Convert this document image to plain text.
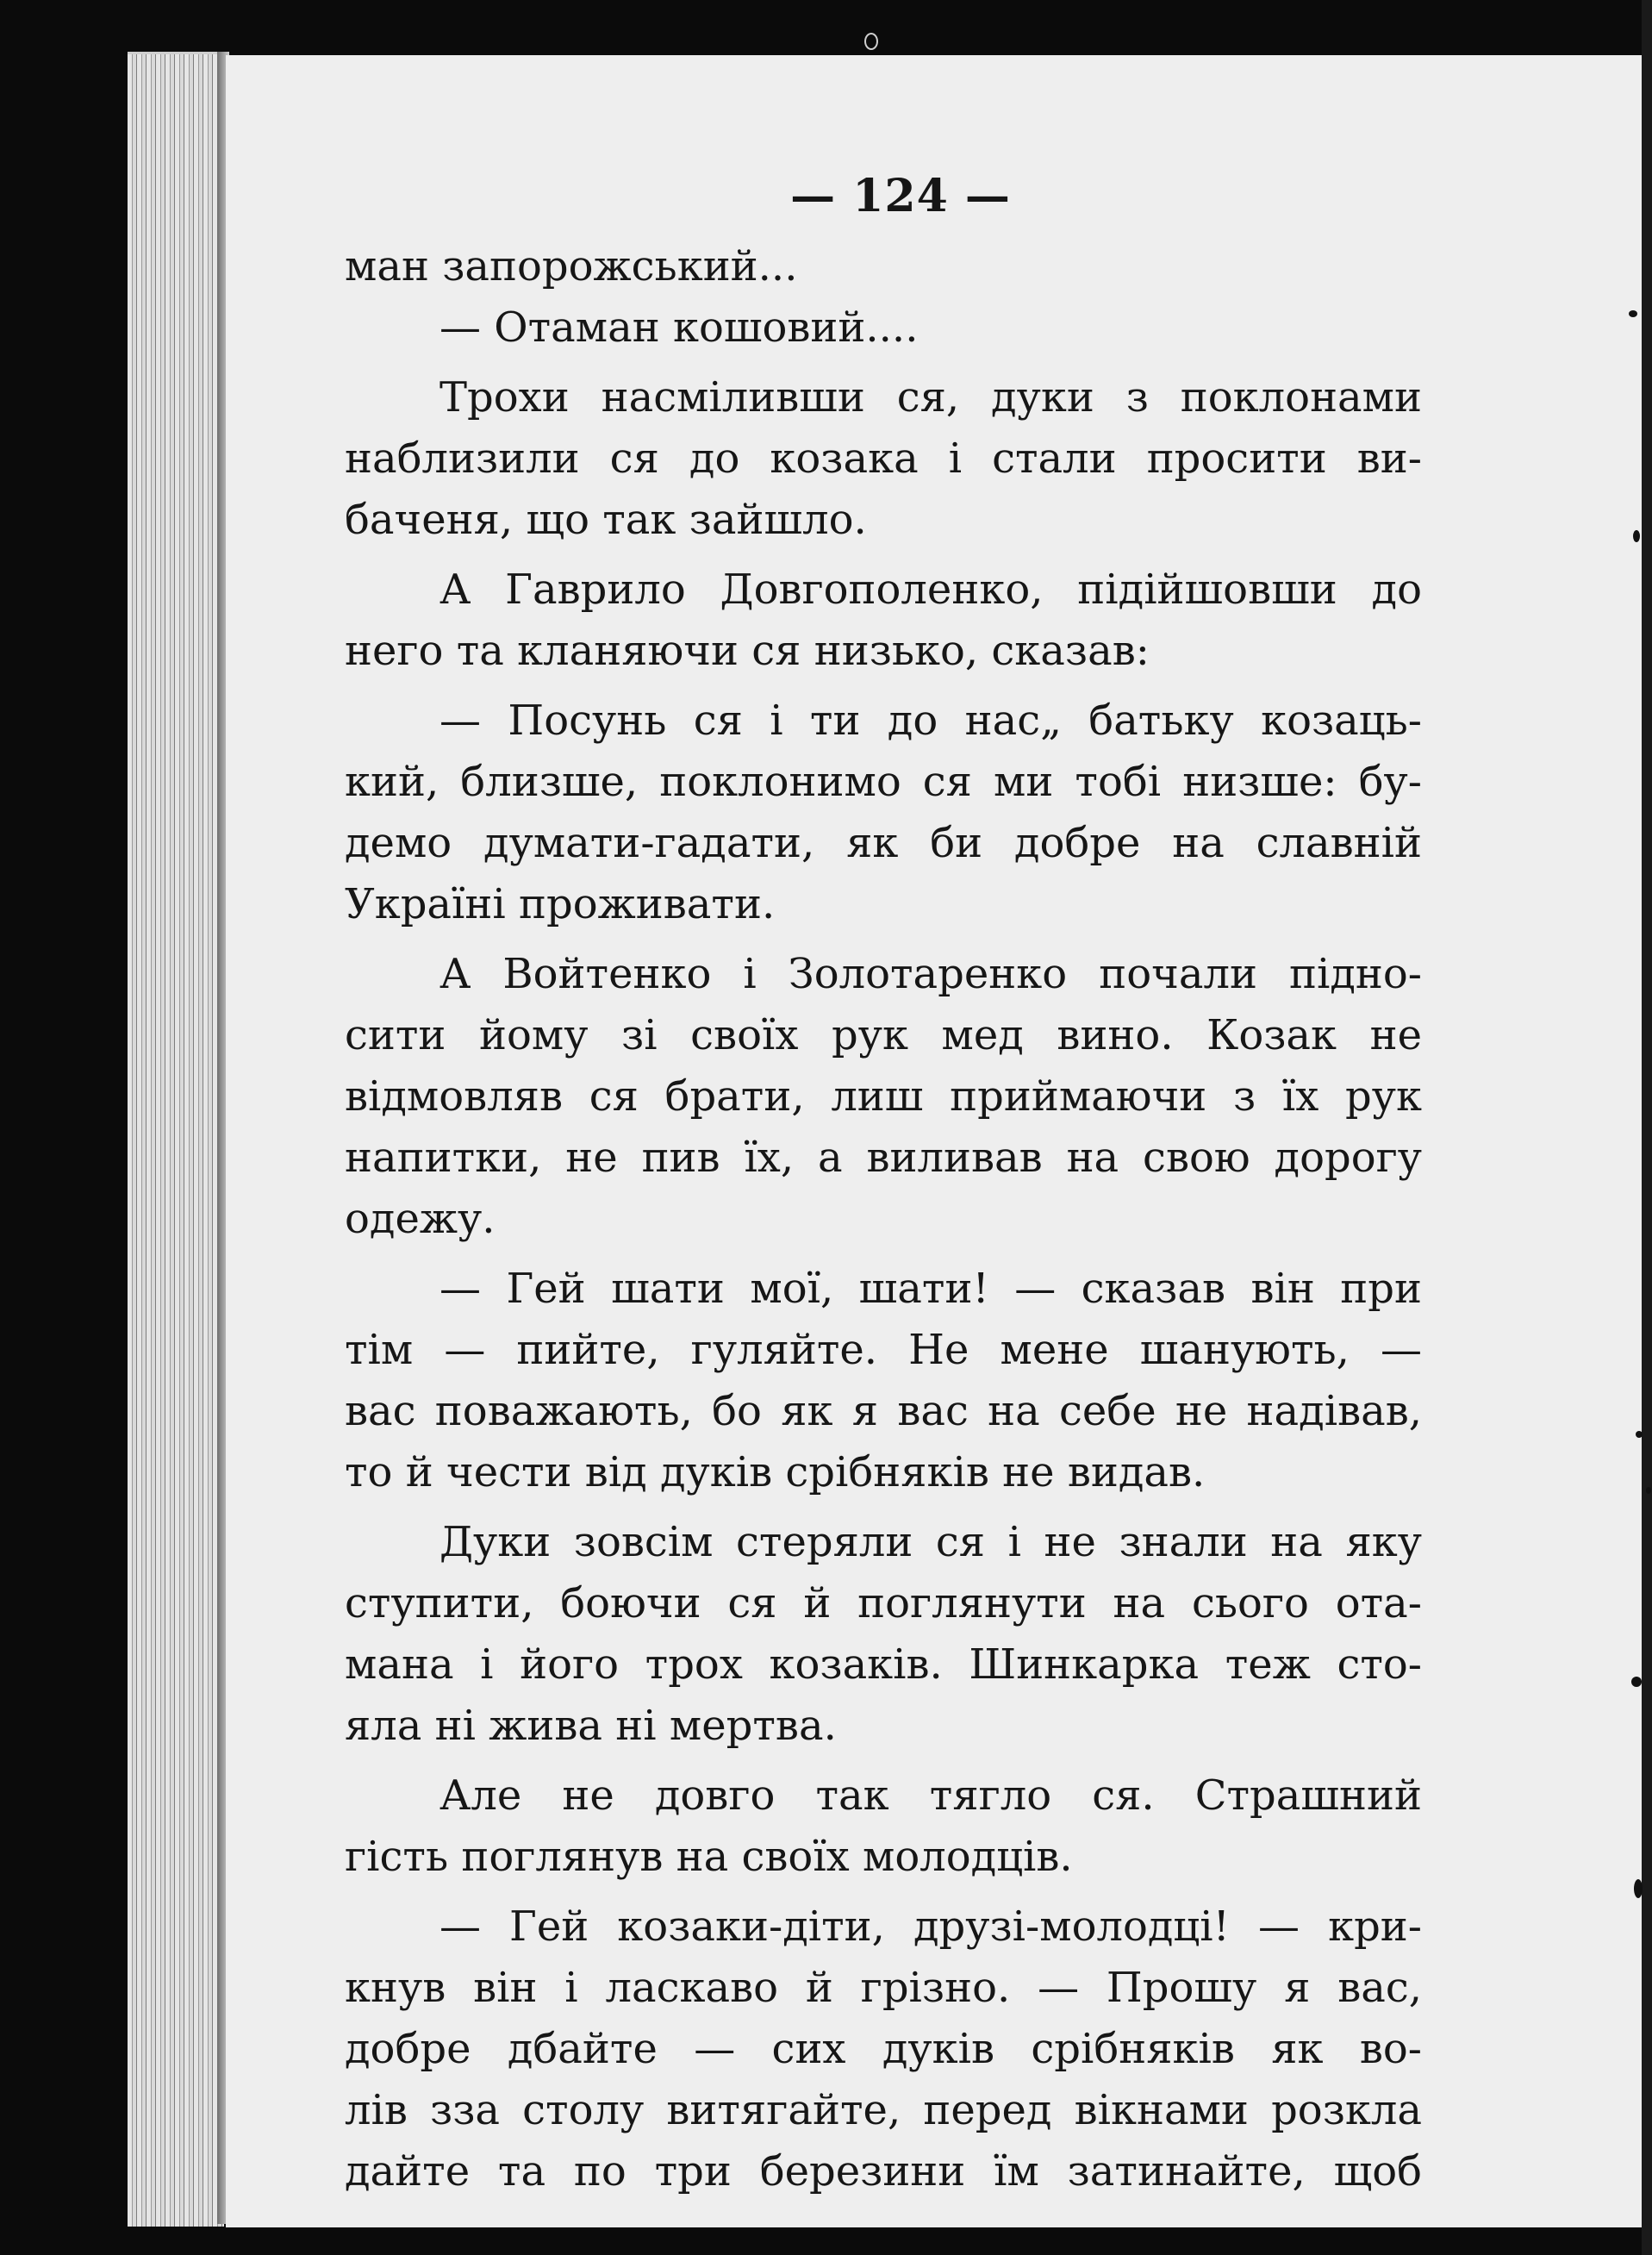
— 124 —
ман запорожський...
— Отаман кошовий....
Трохи насміливши ся, дуки з поклонами
наблизили ся до козака і стали просити ви-
баченя, що так зайшло.
А Гаврило Довгополенко, підійшовши до
него та кланяючи ся низько, сказав:
— Посунь ся і ти до нас„ батьку козаць-
кий, близше, поклонимо ся ми тобі низше: бу-
демо думати-гадати, як би добре на славній
Україні проживати.
А Войтенко і Золотаренко почали підно-
сити йому зі своїх рук мед вино. Козак не
відмовляв ся брати, лиш приймаючи з їх рук
напитки, не пив їх, а виливав на свою дорогу
одежу.
— Гей шати мої, шати! — сказав він при
тім — пийте, гуляйте. Не мене шанують, —
вас поважають, бо як я вас на себе не надівав,
то й чести від дуків срібняків не видав.
Дуки зовсім стеряли ся і не знали на яку
ступити, боючи ся й поглянути на сього ота-
мана і його трох козаків. Шинкарка теж сто-
яла ні жива ні мертва.
Але не довго так тягло ся. Страшний
гість поглянув на своїх молодців.
— Гей козаки-діти, друзі-молодці! — кри-
кнув він і ласкаво й грізно. — Прошу я вас,
добре дбайте — сих дуків срібняків як во-
лів зза столу витягайте, перед вікнами розкла
дайте та по три березини їм затинайте, щоб
